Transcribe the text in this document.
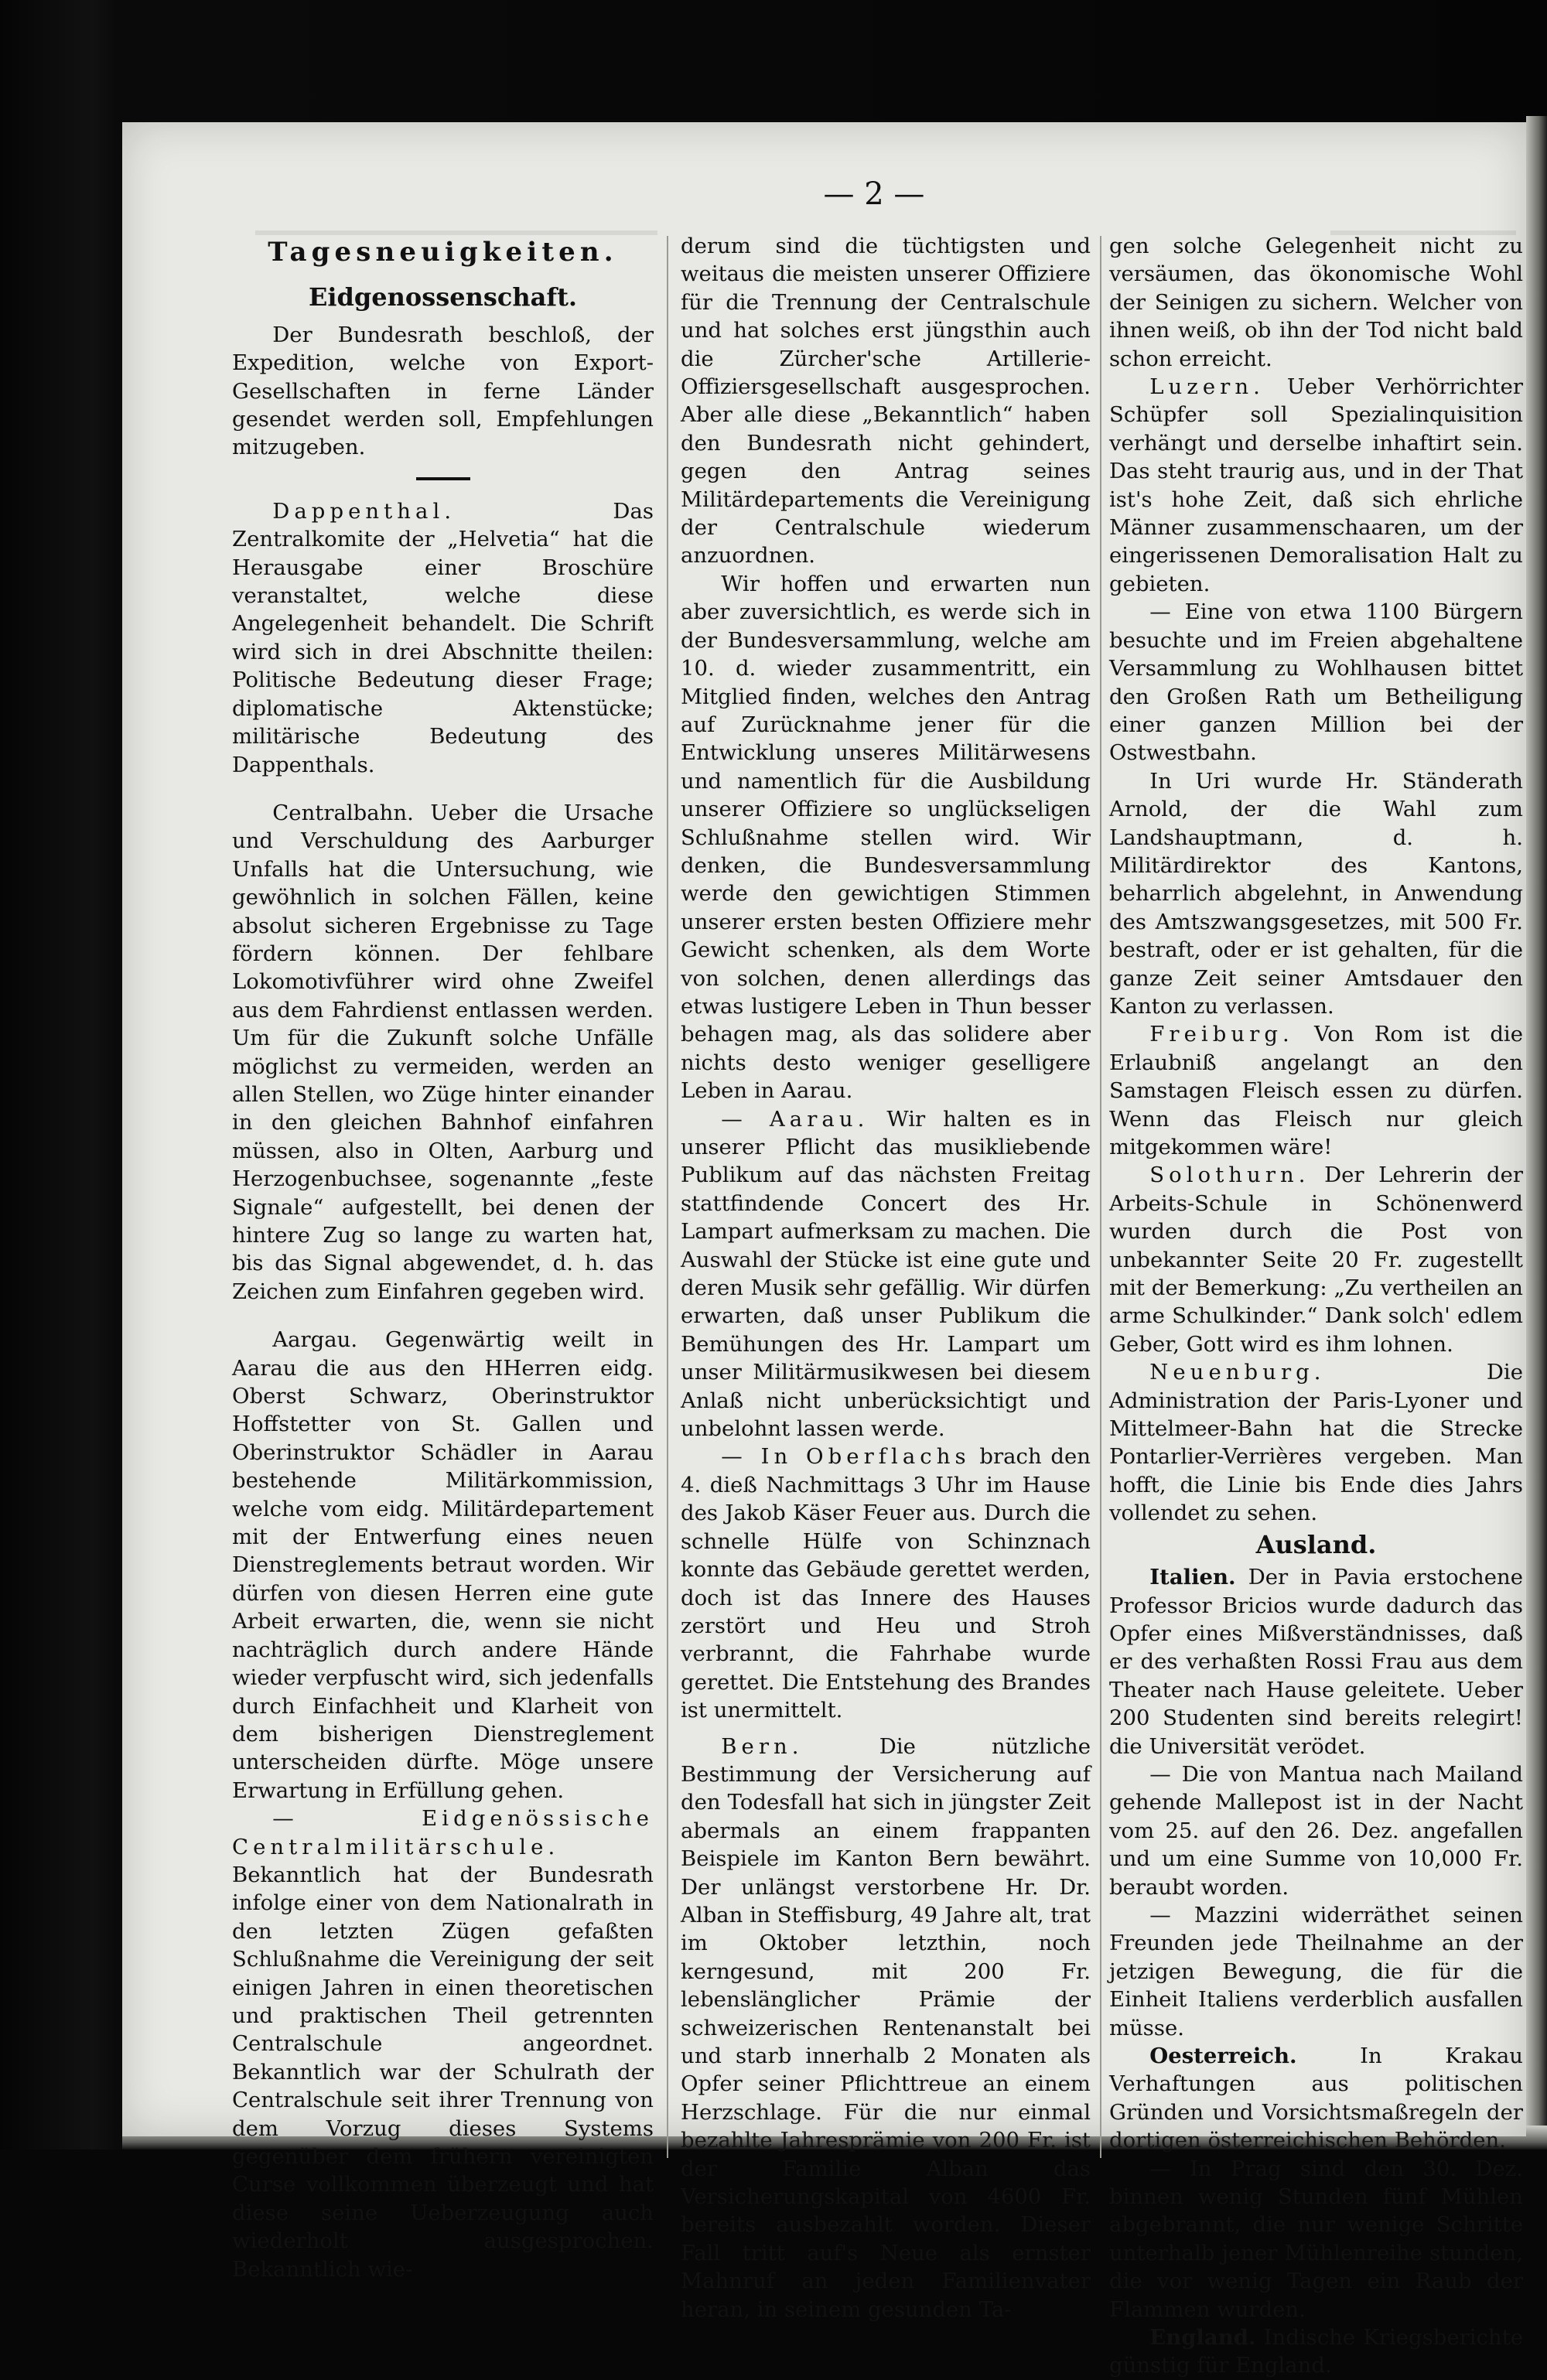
— 2 —

Tagesneuigkeiten.

Eidgenossenschaft.

Der Bundesrath beschloß, der Expedition, welche von Export-Gesellschaften in ferne Länder gesendet werden soll, Empfehlungen mitzugeben.

Dappenthal. Das Zentralkomite der „Helvetia“ hat die Herausgabe einer Broschüre veranstaltet, welche diese Angelegenheit behandelt. Die Schrift wird sich in drei Abschnitte theilen: Politische Bedeutung dieser Frage; diplomatische Aktenstücke; militärische Bedeutung des Dappenthals.

Centralbahn. Ueber die Ursache und Verschuldung des Aarburger Unfalls hat die Untersuchung, wie gewöhnlich in solchen Fällen, keine absolut sicheren Ergebnisse zu Tage fördern können. Der fehlbare Lokomotivführer wird ohne Zweifel aus dem Fahrdienst entlassen werden. Um für die Zukunft solche Unfälle möglichst zu vermeiden, werden an allen Stellen, wo Züge hinter einander in den gleichen Bahnhof einfahren müssen, also in Olten, Aarburg und Herzogenbuchsee, sogenannte „feste Signale“ aufgestellt, bei denen der hintere Zug so lange zu warten hat, bis das Signal abgewendet, d. h. das Zeichen zum Einfahren gegeben wird.

Aargau. Gegenwärtig weilt in Aarau die aus den HHerren eidg. Oberst Schwarz, Oberinstruktor Hoffstetter von St. Gallen und Oberinstruktor Schädler in Aarau bestehende Militärkommission, welche vom eidg. Militärdepartement mit der Entwerfung eines neuen Dienstreglements betraut worden. Wir dürfen von diesen Herren eine gute Arbeit erwarten, die, wenn sie nicht nachträglich durch andere Hände wieder verpfuscht wird, sich jedenfalls durch Einfachheit und Klarheit von dem bisherigen Dienstreglement unterscheiden dürfte. Möge unsere Erwartung in Erfüllung gehen.

— Eidgenössische Centralmilitärschule. Bekanntlich hat der Bundesrath infolge einer von dem Nationalrath in den letzten Zügen gefaßten Schlußnahme die Vereinigung der seit einigen Jahren in einen theoretischen und praktischen Theil getrennten Centralschule angeordnet. Bekanntlich war der Schulrath der Centralschule seit ihrer Trennung von dem Vorzug dieses Systems gegenüber dem frühern vereinigten Curse vollkommen überzeugt und hat diese seine Ueberzeugung auch wiederholt ausgesprochen. Bekanntlich wie-

derum sind die tüchtigsten und weitaus die meisten unserer Offiziere für die Trennung der Centralschule und hat solches erst jüngsthin auch die Zürcher'sche Artillerie-Offiziersgesellschaft ausgesprochen. Aber alle diese „Bekanntlich“ haben den Bundesrath nicht gehindert, gegen den Antrag seines Militärdepartements die Vereinigung der Centralschule wiederum anzuordnen.

Wir hoffen und erwarten nun aber zuversichtlich, es werde sich in der Bundesversammlung, welche am 10. d. wieder zusammentritt, ein Mitglied finden, welches den Antrag auf Zurücknahme jener für die Entwicklung unseres Militärwesens und namentlich für die Ausbildung unserer Offiziere so unglückseligen Schlußnahme stellen wird. Wir denken, die Bundesversammlung werde den gewichtigen Stimmen unserer ersten besten Offiziere mehr Gewicht schenken, als dem Worte von solchen, denen allerdings das etwas lustigere Leben in Thun besser behagen mag, als das solidere aber nichts desto weniger geselligere Leben in Aarau.

— Aarau. Wir halten es in unserer Pflicht das musikliebende Publikum auf das nächsten Freitag stattfindende Concert des Hr. Lampart aufmerksam zu machen. Die Auswahl der Stücke ist eine gute und deren Musik sehr gefällig. Wir dürfen erwarten, daß unser Publikum die Bemühungen des Hr. Lampart um unser Militärmusikwesen bei diesem Anlaß nicht unberücksichtigt und unbelohnt lassen werde.

— In Oberflachs brach den 4. dieß Nachmittags 3 Uhr im Hause des Jakob Käser Feuer aus. Durch die schnelle Hülfe von Schinznach konnte das Gebäude gerettet werden, doch ist das Innere des Hauses zerstört und Heu und Stroh verbrannt, die Fahrhabe wurde gerettet. Die Entstehung des Brandes ist unermittelt.

Bern. Die nützliche Bestimmung der Versicherung auf den Todesfall hat sich in jüngster Zeit abermals an einem frappanten Beispiele im Kanton Bern bewährt. Der unlängst verstorbene Hr. Dr. Alban in Steffisburg, 49 Jahre alt, trat im Oktober letzthin, noch kerngesund, mit 200 Fr. lebenslänglicher Prämie der schweizerischen Rentenanstalt bei und starb innerhalb 2 Monaten als Opfer seiner Pflichttreue an einem Herzschlage. Für die nur einmal bezahlte Jahresprämie von 200 Fr. ist der Familie Alban das Versicherungskapital von 4600 Fr. bereits ausbezahlt worden. Dieser Fall tritt auf's Neue als ernster Mahnruf an jeden Familienvater heran, in seinem gesunden Ta-

gen solche Gelegenheit nicht zu versäumen, das ökonomische Wohl der Seinigen zu sichern. Welcher von ihnen weiß, ob ihn der Tod nicht bald schon erreicht.

Luzern. Ueber Verhörrichter Schüpfer soll Spezialinquisition verhängt und derselbe inhaftirt sein. Das steht traurig aus, und in der That ist's hohe Zeit, daß sich ehrliche Männer zusammenschaaren, um der eingerissenen Demoralisation Halt zu gebieten.

— Eine von etwa 1100 Bürgern besuchte und im Freien abgehaltene Versammlung zu Wohlhausen bittet den Großen Rath um Betheiligung einer ganzen Million bei der Ostwestbahn.

In Uri wurde Hr. Ständerath Arnold, der die Wahl zum Landshauptmann, d. h. Militärdirektor des Kantons, beharrlich abgelehnt, in Anwendung des Amtszwangsgesetzes, mit 500 Fr. bestraft, oder er ist gehalten, für die ganze Zeit seiner Amtsdauer den Kanton zu verlassen.

Freiburg. Von Rom ist die Erlaubniß angelangt an den Samstagen Fleisch essen zu dürfen. Wenn das Fleisch nur gleich mitgekommen wäre!

Solothurn. Der Lehrerin der Arbeits-Schule in Schönenwerd wurden durch die Post von unbekannter Seite 20 Fr. zugestellt mit der Bemerkung: „Zu vertheilen an arme Schulkinder.“ Dank solch' edlem Geber, Gott wird es ihm lohnen.

Neuenburg. Die Administration der Paris-Lyoner und Mittelmeer-Bahn hat die Strecke Pontarlier-Verrières vergeben. Man hofft, die Linie bis Ende dies Jahrs vollendet zu sehen.

Ausland.

Italien. Der in Pavia erstochene Professor Bricios wurde dadurch das Opfer eines Mißverständnisses, daß er des verhaßten Rossi Frau aus dem Theater nach Hause geleitete. Ueber 200 Studenten sind bereits relegirt! die Universität verödet.

— Die von Mantua nach Mailand gehende Mallepost ist in der Nacht vom 25. auf den 26. Dez. angefallen und um eine Summe von 10,000 Fr. beraubt worden.

— Mazzini widerräthet seinen Freunden jede Theilnahme an der jetzigen Bewegung, die für die Einheit Italiens verderblich ausfallen müsse.

Oesterreich. In Krakau Verhaftungen aus politischen Gründen und Vorsichtsmaßregeln der dortigen österreichischen Behörden.

— In Prag sind den 30. Dez. binnen wenig Stunden fünf Mühlen abgebrannt, die nur wenige Schritte unterhalb jener Mühlenreihe stunden, die vor wenig Tagen ein Raub der Flammen wurden.

England. Indische Kriegsberichte günstig für England.
